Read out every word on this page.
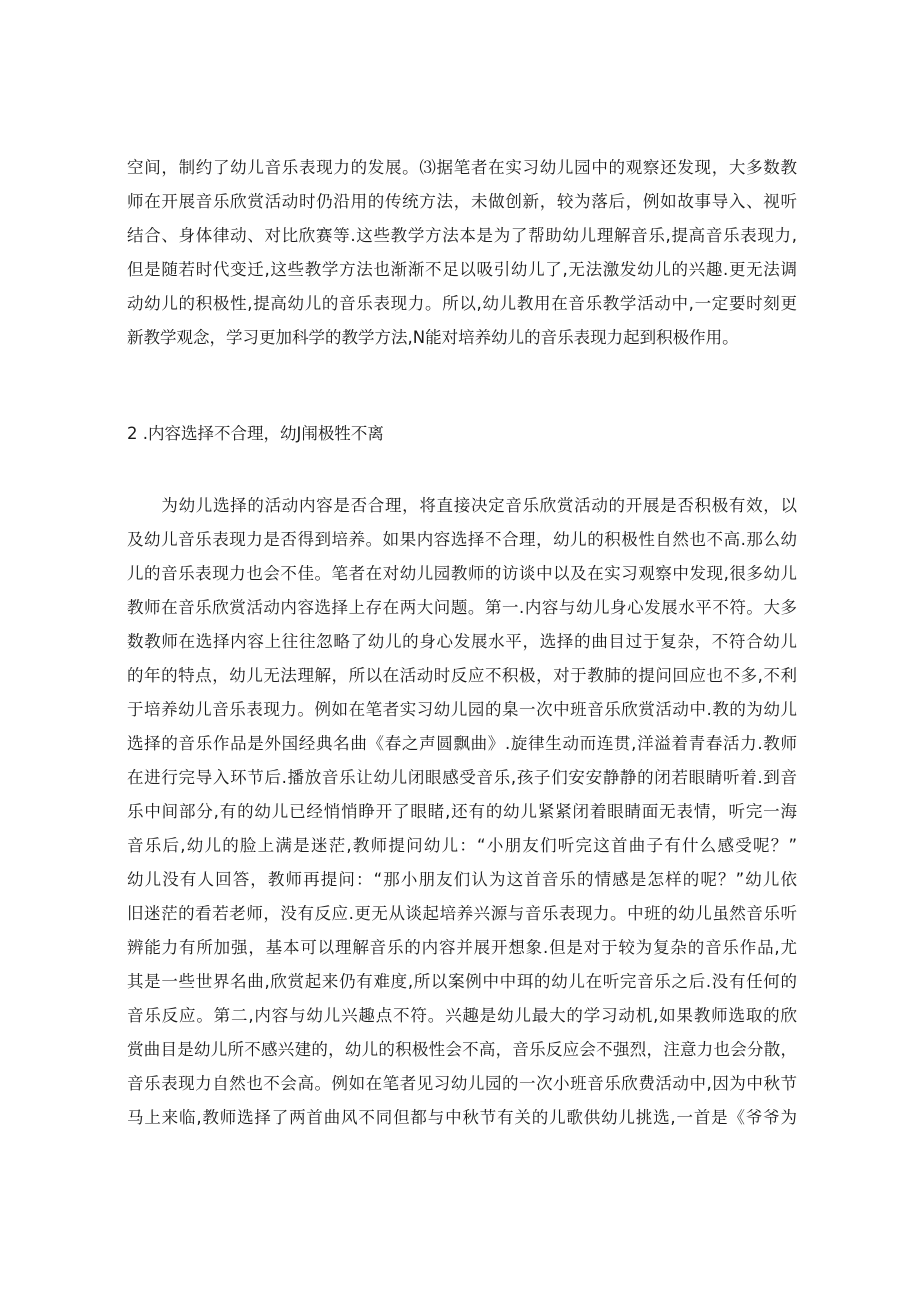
空间，制约了幼儿音乐表现力的发展。⑶据笔者在实习幼儿园中的观察还发现，大多数教
师在开展音乐欣赏活动时仍沿用的传统方法，未做创新，较为落后，例如故事导入、视听
结合、身体律动、对比欣赛等.这些教学方法本是为了帮助幼儿理解音乐,提高音乐表现力,
但是随若时代变迁,这些教学方法也渐渐不足以吸引幼儿了,无法激发幼儿的兴趣.更无法调
动幼儿的积极性,提高幼儿的音乐表现力。所以,幼儿教用在音乐教学活动中,一定要时刻更
新教学观念，学习更加科学的教学方法,N能对培养幼儿的音乐表现力起到积极作用。
2 .内容选择不合理，幼J闱极牲不离
　　为幼儿选择的活动内容是否合理，将直接决定音乐欣赏活动的开展是否积极有效，以
及幼儿音乐表现力是否得到培养。如果内容选择不合理，幼儿的积极性自然也不高.那么幼
儿的音乐表现力也会不佳。笔者在对幼儿园教师的访谈中以及在实习观察中发现,很多幼儿
教师在音乐欣赏活动内容选择上存在两大问题。第一.内容与幼儿身心发展水平不符。大多
数教师在选择内容上往往忽略了幼儿的身心发展水平，选择的曲目过于复杂，不符合幼儿
的年的特点，幼儿无法理解，所以在活动时反应不积极，对于教肺的提问回应也不多,不利
于培养幼儿音乐表现力。例如在笔者实习幼儿园的臬一次中班音乐欣赏活动中.教的为幼儿
选择的音乐作品是外国经典名曲《春之声圆飘曲》.旋律生动而连贯,洋溢着青春活力.教师
在进行完导入环节后.播放音乐让幼儿闭眼感受音乐,孩子们安安静静的闭若眼睛听着.到音
乐中间部分,有的幼儿已经悄悄睁开了眼睹,还有的幼儿紧紧闭着眼睛面无表情，听完一海
音乐后,幼儿的脸上满是迷茫,教师提问幼儿：“小朋友们听完这首曲子有什么感受呢？”
幼儿没有人回答，教师再提问：“那小朋友们认为这首音乐的情感是怎样的呢？”幼儿依
旧迷茫的看若老师，没有反应.更无从谈起培养兴源与音乐表现力。中班的幼儿虽然音乐听
辨能力有所加强，基本可以理解音乐的内容并展开想象.但是对于较为复杂的音乐作品,尤
其是一些世界名曲,欣赏起来仍有难度,所以案例中中珥的幼儿在听完音乐之后.没有任何的
音乐反应。第二,内容与幼儿兴趣点不符。兴趣是幼儿最大的学习动机,如果教师选取的欣
赏曲目是幼儿所不感兴建的，幼儿的积极性会不高，音乐反应会不强烈，注意力也会分散，
音乐表现力自然也不会高。例如在笔者见习幼儿园的一次小班音乐欣费活动中,因为中秋节
马上来临,教师选择了两首曲风不同但都与中秋节有关的儿歌供幼儿挑选,一首是《爷爷为
